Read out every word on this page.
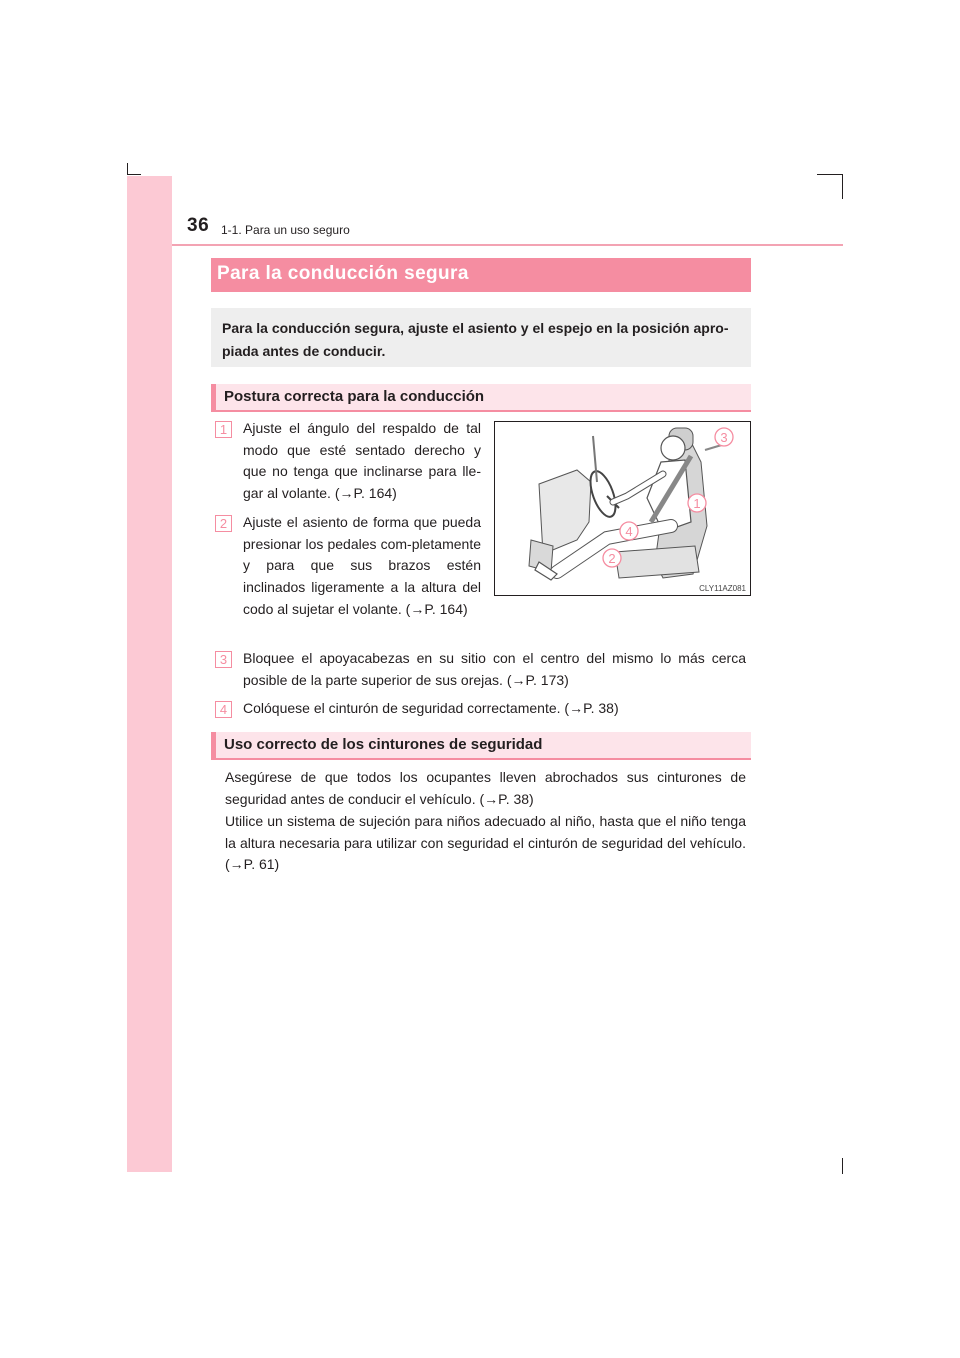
36 1-1. Para un uso seguro
Para la conducción segura
Para la conducción segura, ajuste el asiento y el espejo en la posición apro-piada antes de conducir.
Postura correcta para la conducción
1	Ajuste el ángulo del respaldo de tal modo que esté sentado derecho y que no tenga que inclinarse para lle-gar al volante. (→P. 164)
2	Ajuste el asiento de forma que pueda presionar los pedales com-pletamente y para que sus brazos estén inclinados ligeramente a la altura del codo al sujetar el volante. (→P. 164)
3
1
4
2
CLY11AZ081
3	Bloquee el apoyacabezas en su sitio con el centro del mismo lo más cerca posible de la parte superior de sus orejas. (→P. 173)
4	Colóquese el cinturón de seguridad correctamente. (→P. 38)
Uso correcto de los cinturones de seguridad
Asegúrese de que todos los ocupantes lleven abrochados sus cinturones de seguridad antes de conducir el vehículo. (→P. 38)
Utilice un sistema de sujeción para niños adecuado al niño, hasta que el niño tenga la altura necesaria para utilizar con seguridad el cinturón de seguridad del vehículo. (→P. 61)
